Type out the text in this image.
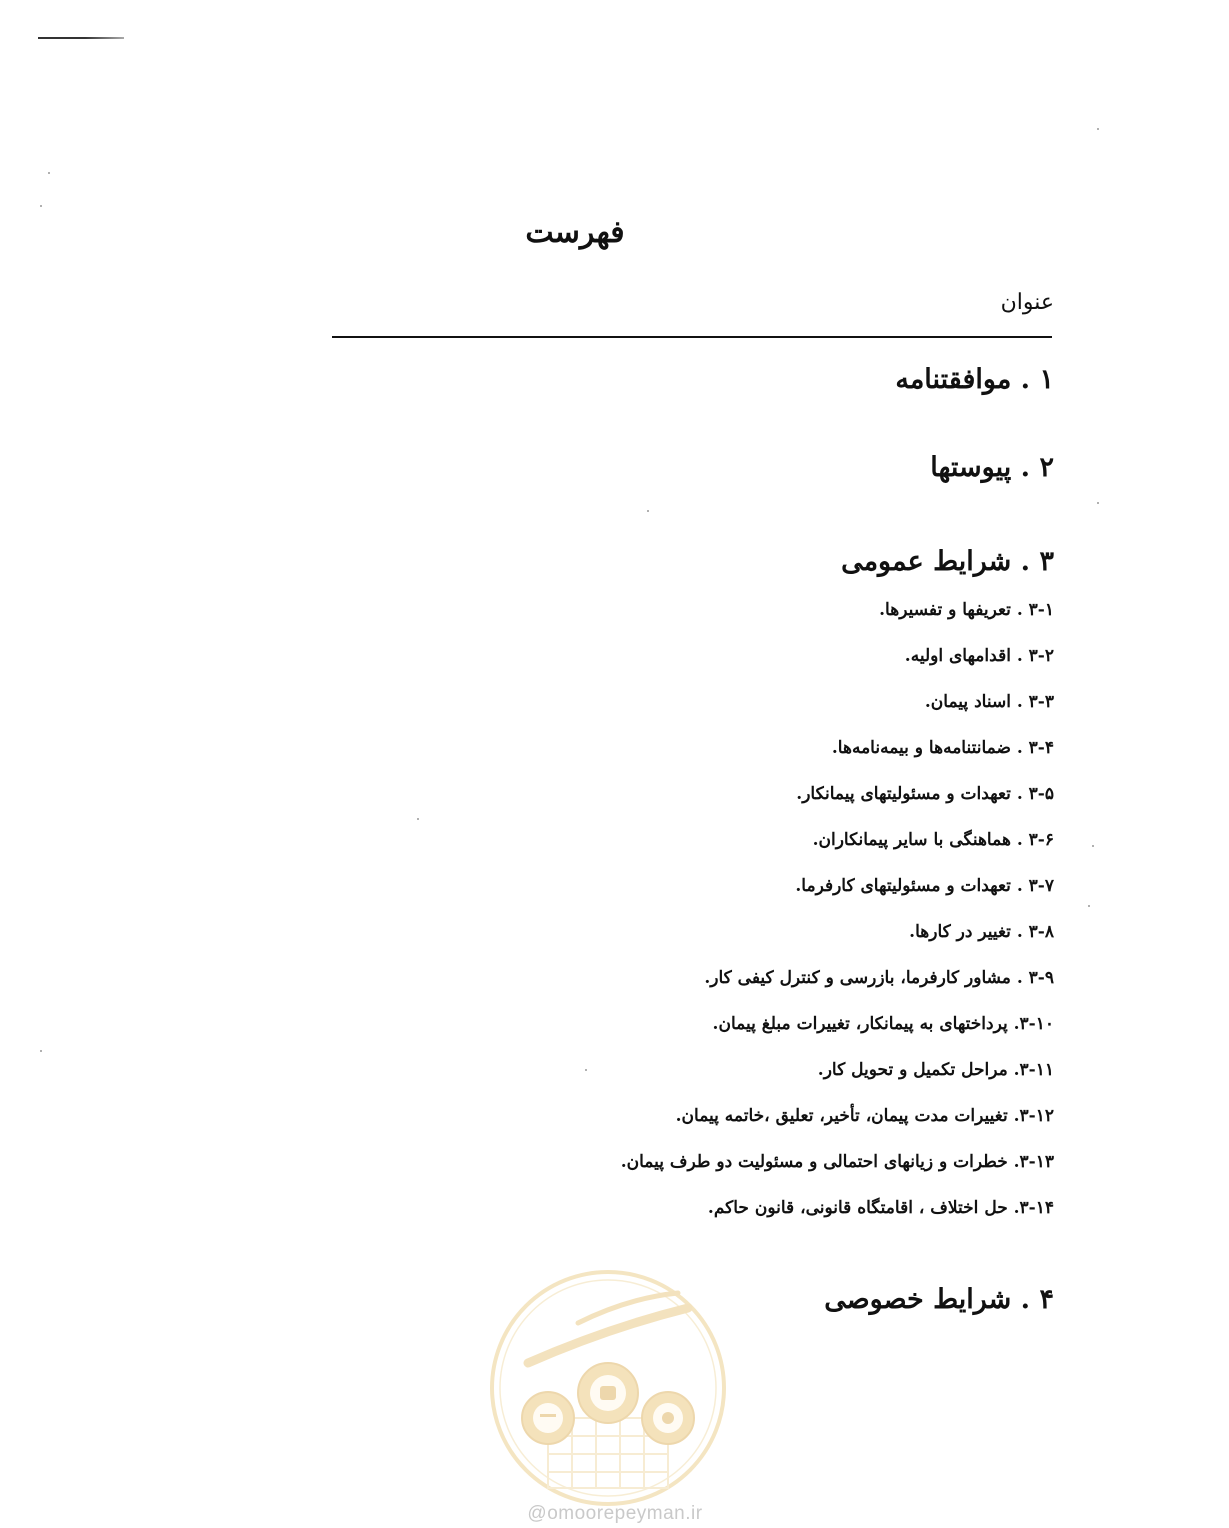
فهرست
عنوان
۱ . موافقتنامه
۲ . پیوستها
۳ . شرایط عمومی
۳-۱ . تعریفها و تفسیرها.
۳-۲ . اقدامهای اولیه.
۳-۳ . اسناد پیمان.
۳-۴ . ضمانتنامه‌ها و بیمه‌نامه‌ها.
۳-۵ . تعهدات و مسئولیتهای پیمانکار.
۳-۶ . هماهنگی با سایر پیمانکاران.
۳-۷ . تعهدات و مسئولیتهای کارفرما.
۳-۸ . تغییر در کارها.
۳-۹ . مشاور کارفرما، بازرسی و کنترل کیفی کار.
۳-۱۰. پرداختهای به پیمانکار، تغییرات مبلغ پیمان.
۳-۱۱. مراحل تکمیل و تحویل کار.
۳-۱۲. تغییرات مدت پیمان، تأخیر، تعلیق ،خاتمه پیمان.
۳-۱۳. خطرات و زیانهای احتمالی و مسئولیت دو طرف پیمان.
۳-۱۴. حل اختلاف ، اقامتگاه قانونی، قانون حاکم.
۴ . شرایط خصوصی
@omoorepeyman.ir
